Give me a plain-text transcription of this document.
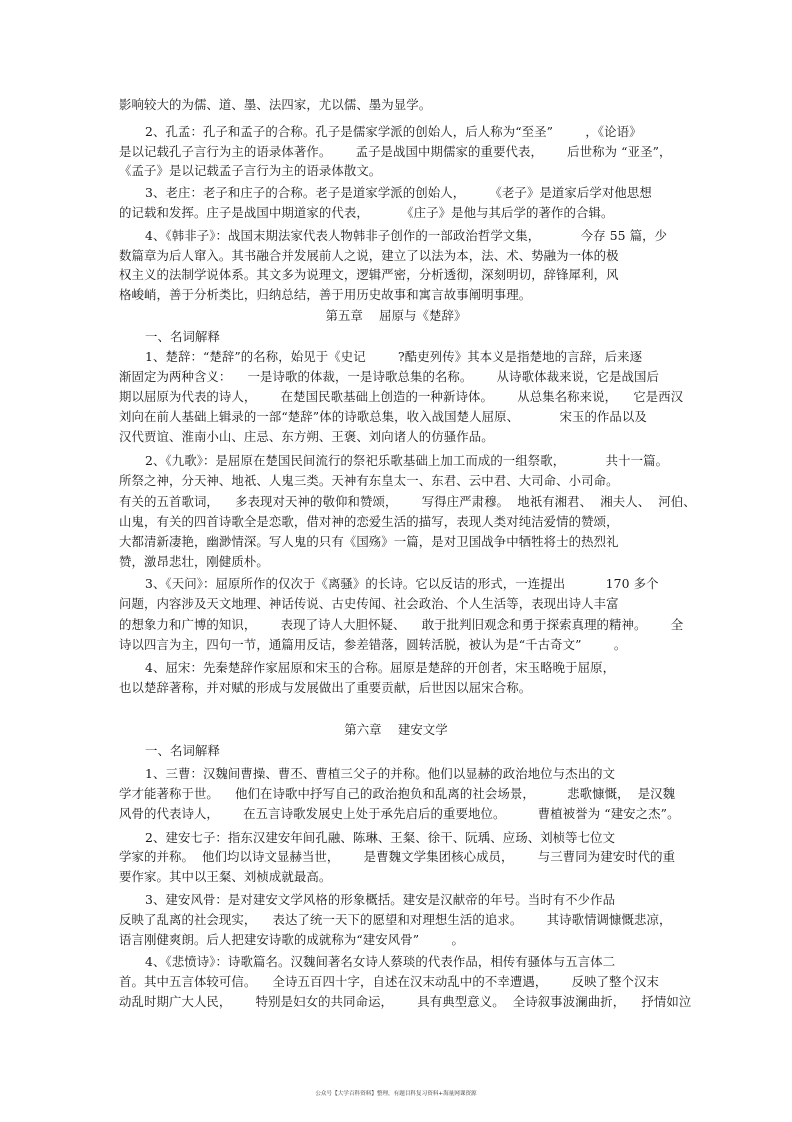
影响较大的为儒、道、墨、法四家，尤以儒、墨为显学。
2、孔孟：孔子和孟子的合称。孔子是儒家学派的创始人，后人称为“至圣”        ，《论语》
是以记载孔子言行为主的语录体著作。      孟子是战国中期儒家的重要代表，      后世称为 “亚圣”，
《孟子》是以记载孟子言行为主的语录体散文。
3、老庄：老子和庄子的合称。老子是道家学派的创始人，      《老子》是道家后学对他思想
的记载和发挥。庄子是战国中期道家的代表，        《庄子》是他与其后学的著作的合辑。
4、《韩非子》：战国末期法家代表人物韩非子创作的一部政治哲学文集，          今存 55 篇，少
数篇章为后人窜入。其书融合并发展前人之说，建立了以法为本，法、术、势融为一体的极
权主义的法制学说体系。其文多为说理文，逻辑严密，分析透彻，深刻明切，辞锋犀利，风
格峻峭，善于分析类比，归纳总结，善于用历史故事和寓言故事阐明事理。
第五章    屈原与《楚辞》
一、名词解释
1、楚辞：“楚辞”的名称，始见于《史记        ?酷吏列传》其本义是指楚地的言辞，后来逐
渐固定为两种含义：    一是诗歌的体裁，一是诗歌总集的名称。      从诗歌体裁来说，它是战国后
期以屈原为代表的诗人，      在楚国民歌基础上创造的一种新诗体。      从总集名称来说，    它是西汉
刘向在前人基础上辑录的一部“楚辞”体的诗歌总集，收入战国楚人屈原、          宋玉的作品以及
汉代贾谊、淮南小山、庄忌、东方朔、王褒、刘向诸人的仿骚作品。
2、《九歌》：是屈原在楚国民间流行的祭祀乐歌基础上加工而成的一组祭歌，          共十一篇。
所祭之神，分天神、地祇、人鬼三类。天神有东皇太一、东君、云中君、大司命、小司命。
有关的五首歌词，    多表现对天神的敬仰和赞颂，      写得庄严肃穆。  地祇有湘君、  湘夫人、  河伯、
山鬼，有关的四首诗歌全是恋歌，借对神的恋爱生活的描写，表现人类对纯洁爱情的赞颂，
大都清新凄艳，幽渺情深。写人鬼的只有《国殇》一篇，是对卫国战争中牺牲将士的热烈礼
赞，激昂悲壮，刚健质朴。
3、《天问》：屈原所作的仅次于《离骚》的长诗。它以反诘的形式，一连提出          170 多个
问题，内容涉及天文地理、神话传说、古史传闻、社会政治、个人生活等，表现出诗人丰富
的想象力和广博的知识，      表现了诗人大胆怀疑、    敢于批判旧观念和勇于探索真理的精神。      全
诗以四言为主，四句一节，通篇用反诘，参差错落，圆转活脱，被认为是“千古奇文”        。
4、屈宋：先秦楚辞作家屈原和宋玉的合称。屈原是楚辞的开创者，宋玉略晚于屈原，
也以楚辞著称，并对赋的形成与发展做出了重要贡献，后世因以屈宋合称。
第六章    建安文学
一、名词解释
1、三曹：汉魏间曹操、曹丕、曹植三父子的并称。他们以显赫的政治地位与杰出的文
学才能著称于世。    他们在诗歌中抒写自己的政治抱负和乱离的社会场景，        悲歌慷慨，  是汉魏
风骨的代表诗人，      在五言诗歌发展史上处于承先启后的重要地位。        曹植被誉为 “建安之杰”。
2、建安七子：指东汉建安年间孔融、陈琳、王粲、徐干、阮瑀、应玚、刘桢等七位文
学家的并称。  他们均以诗文显赫当世，      是曹魏文学集团核心成员，      与三曹同为建安时代的重
要作家。其中以王粲、刘桢成就最高。
3、建安风骨：是对建安文学风格的形象概括。建安是汉献帝的年号。当时有不少作品
反映了乱离的社会现实，    表达了统一天下的愿望和对理想生活的追求。      其诗歌情调慷慨悲凉，
语言刚健爽朗。后人把建安诗歌的成就称为“建安风骨”        。
4、《悲愤诗》：诗歌篇名。汉魏间著名女诗人蔡琰的代表作品，相传有骚体与五言体二
首。其中五言体较可信。    全诗五百四十字，自述在汉末动乱中的不幸遭遇，      反映了整个汉末
动乱时期广大人民，      特别是妇女的共同命运，      具有典型意义。  全诗叙事波澜曲折，    抒情如泣
公众号【大学百科资料】整理，有题目科复习资料+海量网课资源
